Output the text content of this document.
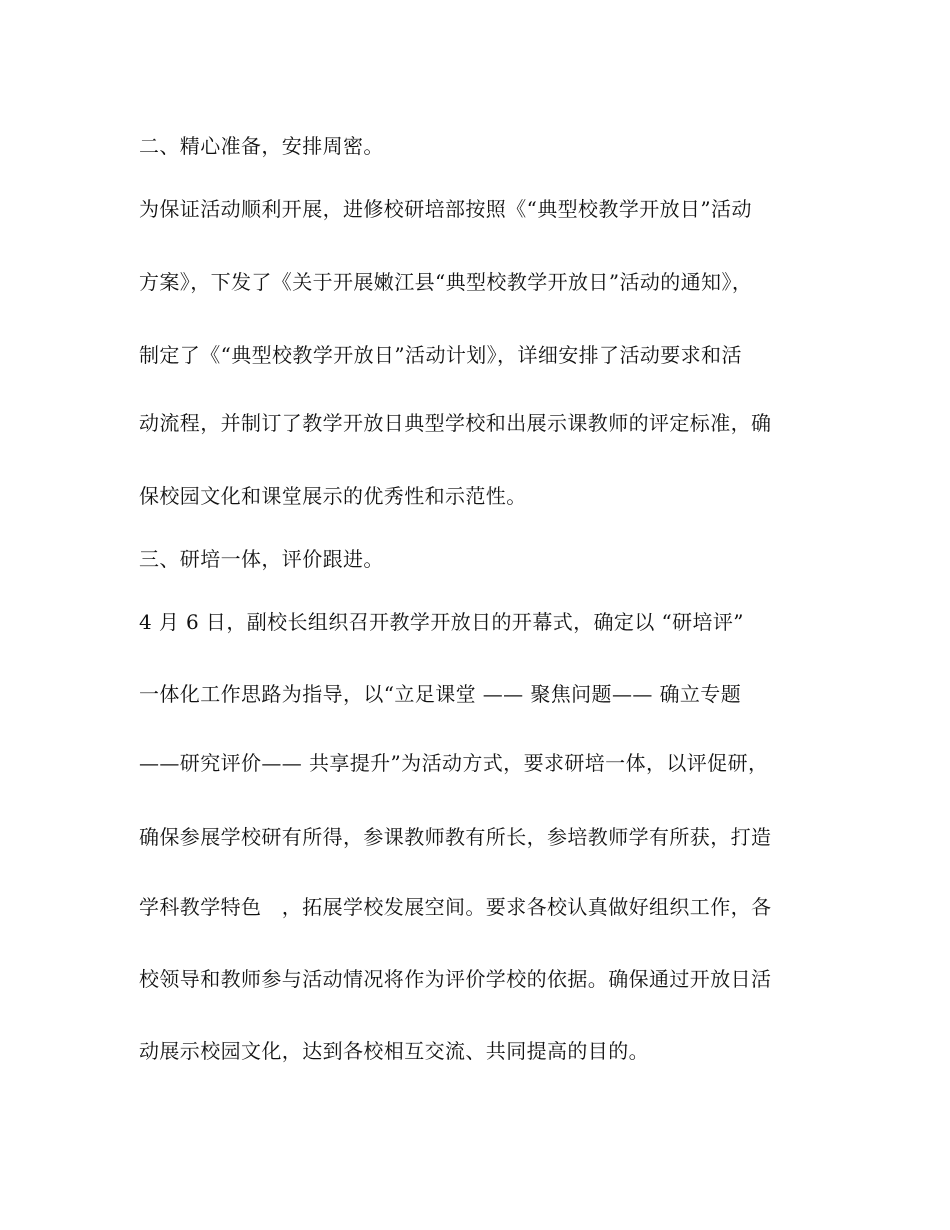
二、精心准备，安排周密。
为保证活动顺利开展，进修校研培部按照《“典型校教学开放日”活动
方案》，下发了《关于开展嫩江县“典型校教学开放日”活动的通知》，
制定了《“典型校教学开放日”活动计划》，详细安排了活动要求和活
动流程，并制订了教学开放日典型学校和出展示课教师的评定标准，确
保校园文化和课堂展示的优秀性和示范性。
三、研培一体，评价跟进。
4 月 6 日，副校长组织召开教学开放日的开幕式，确定以 “研培评”
一体化工作思路为指导，以“立足课堂 —— 聚焦问题—— 确立专题
——研究评价—— 共享提升”为活动方式，要求研培一体，以评促研，
确保参展学校研有所得，参课教师教有所长，参培教师学有所获，打造
学科教学特色　，拓展学校发展空间。要求各校认真做好组织工作，各
校领导和教师参与活动情况将作为评价学校的依据。确保通过开放日活
动展示校园文化，达到各校相互交流、共同提高的目的。
